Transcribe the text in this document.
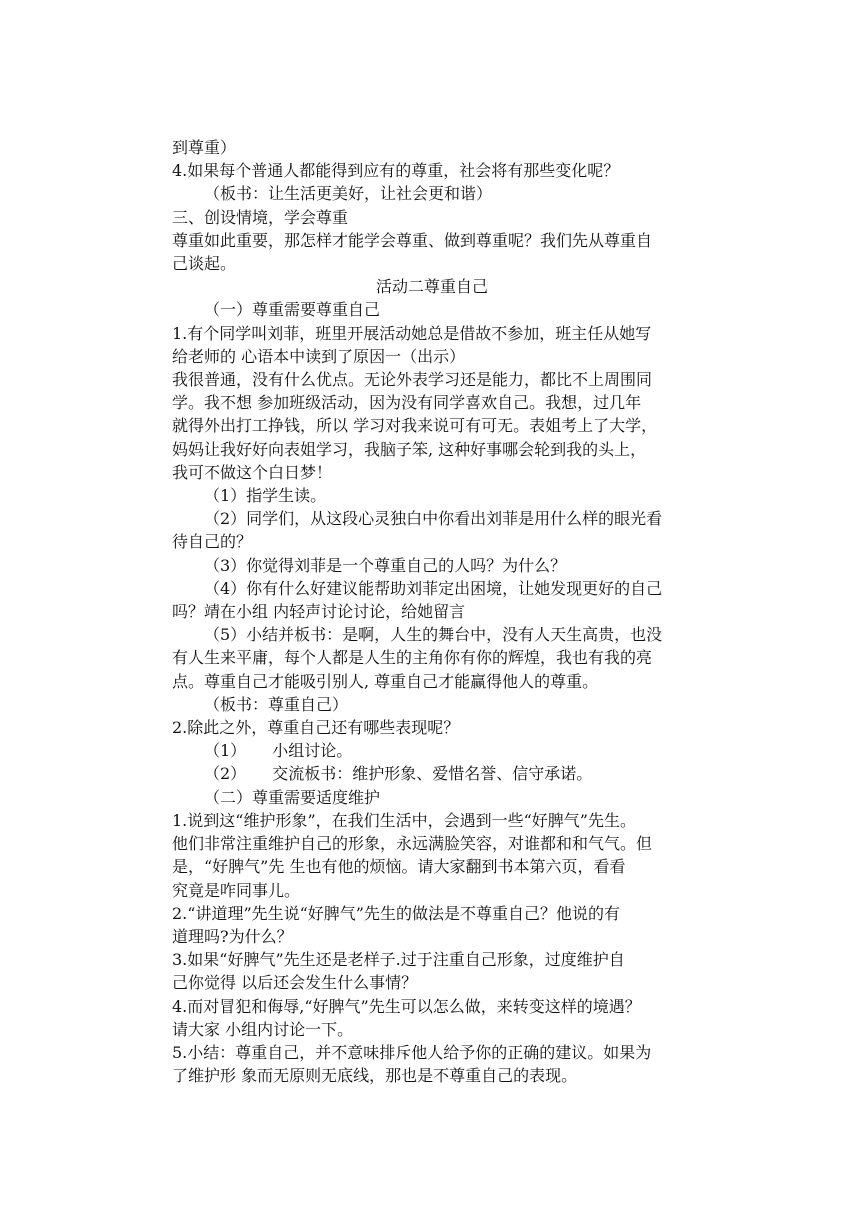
到尊重）

4.如果每个普通人都能得到应有的尊重，社会将有那些变化呢？

（板书：让生活更美好，让社会更和谐）

三、创设情境，学会尊重

尊重如此重要，那怎样才能学会尊重、做到尊重呢？我们先从尊重自

己谈起。

活动二尊重自己

（一）尊重需要尊重自己

1.有个同学叫刘菲，班里开展活动她总是借故不参加，班主任从她写

给老师的 心语本中读到了原因一（出示）

我很普通，没有什么优点。无论外表学习还是能力，都比不上周围同

学。我不想 参加班级活动，因为没有同学喜欢自己。我想，过几年

就得外出打工挣钱，所以 学习对我来说可有可无。表姐考上了大学，

妈妈让我好好向表姐学习，我脑子笨, 这种好事哪会轮到我的头上，

我可不做这个白日梦！

（1）指学生读。

（2）同学们，从这段心灵独白中你看出刘菲是用什么样的眼光看

待自己的？

（3）你觉得刘菲是一个尊重自己的人吗？为什么？

（4）你有什么好建议能帮助刘菲定出困境，让她发现更好的自己

吗？靖在小组 内轻声讨论讨论，给她留言

（5）小结并板书：是啊，人生的舞台中，没有人天生高贵，也没

有人生来平庸，每个人都是人生的主角你有你的辉煌，我也有我的亮

点。尊重自己才能吸引别人, 尊重自己才能赢得他人的尊重。

（板书：尊重自己）

2.除此之外，尊重自己还有哪些表现呢？

（1） 小组讨论。

（2） 交流板书：维护形象、爱惜名誉、信守承诺。

（二）尊重需要适度维护

1.说到这“维护形象”，在我们生活中，会遇到一些“好脾气”先生。

他们非常注重维护自己的形象，永远满脸笑容，对谁都和和气气。但

是，“好脾气”先 生也有他的烦恼。请大家翻到书本第六页，看看

究竟是咋同事儿。

2.“讲道理”先生说“好脾气”先生的做法是不尊重自己？他说的有

道理吗?为什么？

3.如果“好脾气”先生还是老样子.过于注重自己形象，过度维护自

己你觉得 以后还会发生什么事情？

4.而对冒犯和侮辱,“好脾气”先生可以怎么做，来转变这样的境遇？

请大家 小组内讨论一下。

5.小结：尊重自己，并不意味排斥他人给予你的正确的建议。如果为

了维护形 象而无原则无底线，那也是不尊重自己的表现。
